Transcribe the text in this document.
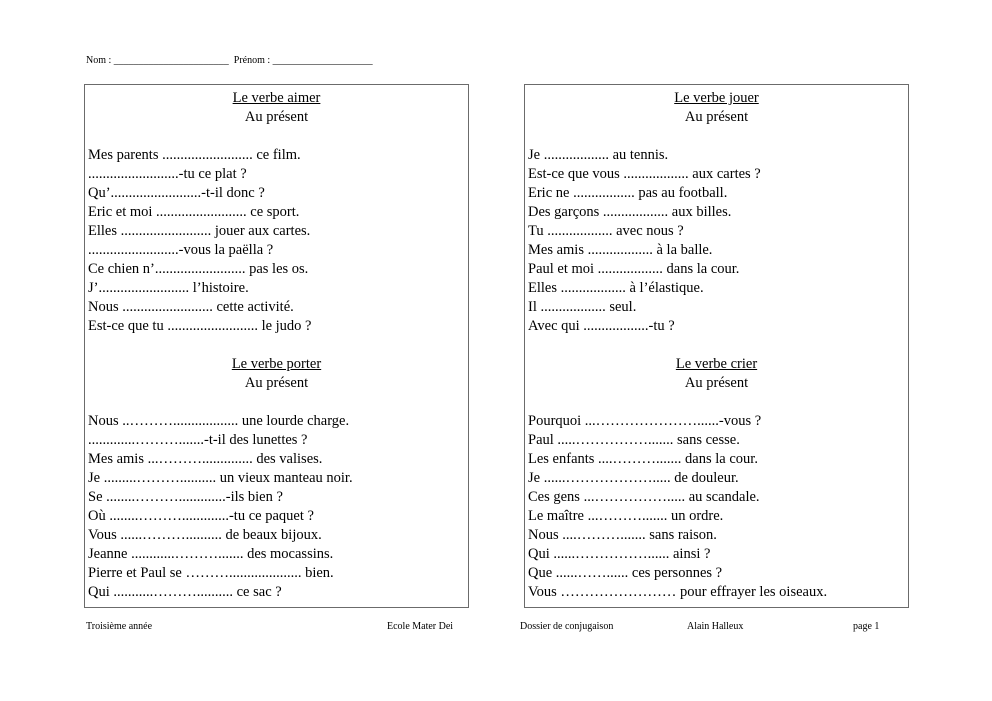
Nom : _______________________  Prénom : ____________________
Le verbe aimer
Au présent
Mes parents ......................... ce film.
.........................-tu ce plat ?
Qu’.........................-t-il donc ?
Eric et moi ......................... ce sport.
Elles ......................... jouer aux cartes.
.........................-vous la paëlla ?
Ce chien n’......................... pas les os.
J’......................... l’histoire.
Nous ......................... cette activité.
Est-ce que tu ......................... le judo ?
Le verbe porter
Au présent
Nous ..……….................. une lourde charge.
.............……….......-t-il des lunettes ?
Mes amis ...……….............. des valises.
Je .........……….......... un vieux manteau noir.
Se ........……….............-ils bien ?
Où ........……….............-tu ce paquet ?
Vous ......……….......... de beaux bijoux.
Jeanne ............………....... des mocassins.
Pierre et Paul se ……….................... bien.
Qui ...........……….......... ce sac ?
Le verbe jouer
Au présent
Je .................. au tennis.
Est-ce que vous .................. aux cartes ?
Eric ne ................. pas au football.
Des garçons .................. aux billes.
Tu .................. avec nous ?
Mes amis .................. à la balle.
Paul et moi .................. dans la cour.
Elles .................. à l’élastique.
Il .................. seul.
Avec qui ..................-tu ?
Le verbe crier
Au présent
Pourquoi ...…………………......-vous ?
Paul .....……………....... sans cesse.
Les enfants ....………....... dans la cour.
Je ......………………..... de douleur.
Ces gens ...……………..... au scandale.
Le maître ...………....... un ordre.
Nous ....………....... sans raison.
Qui ......……………...... ainsi ?
Que ......……...... ces personnes ?
Vous …………………… pour effrayer les oiseaux.
Troisième année	Ecole Mater Dei	Dossier de conjugaison	Alain Halleux	page 1
